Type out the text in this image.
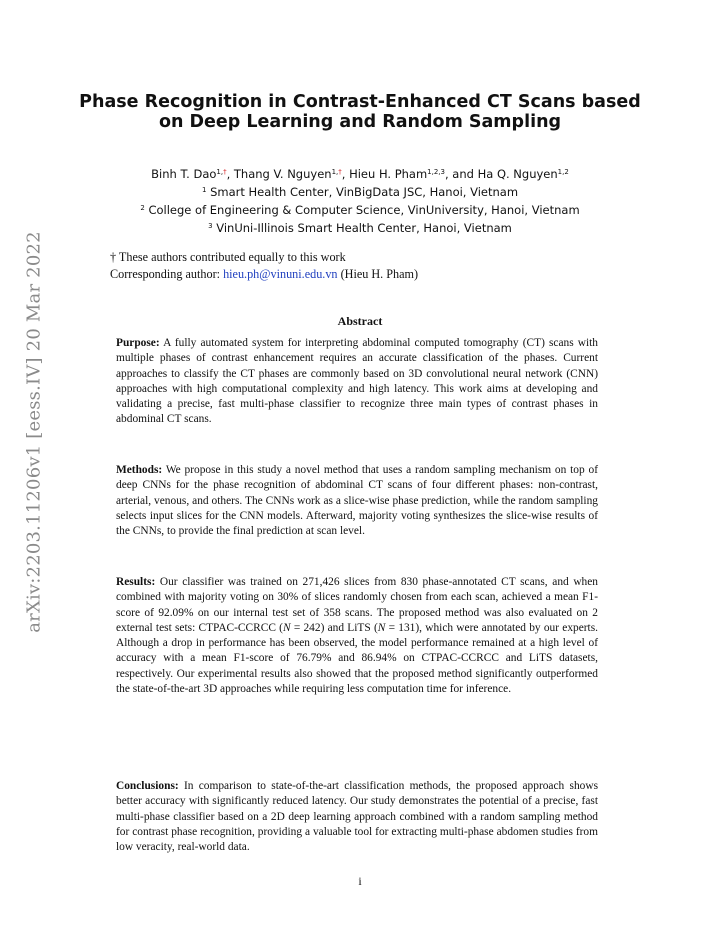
arXiv:2203.11206v1 [eess.IV] 20 Mar 2022
Phase Recognition in Contrast-Enhanced CT Scans based
on Deep Learning and Random Sampling
Binh T. Dao$^{1,\dagger}$, Thang V. Nguyen$^{1,\dagger}$, Hieu H. Pham$^{1,2,3}$, and Ha Q. Nguyen$^{1,2}$
$^1$ Smart Health Center, VinBigData JSC, Hanoi, Vietnam
$^2$ College of Engineering & Computer Science, VinUniversity, Hanoi, Vietnam
$^3$ VinUni-Illinois Smart Health Center, Hanoi, Vietnam
† These authors contributed equally to this work
Corresponding author: hieu.ph@vinuni.edu.vn (Hieu H. Pham)
Abstract

Purpose: A fully automated system for interpreting abdominal computed tomography (CT) scans with multiple phases of contrast enhancement requires an accurate classification of the phases. Current approaches to classify the CT phases are commonly based on 3D convolutional neural network (CNN) approaches with high computational complexity and high latency. This work aims at developing and validating a precise, fast multi-phase classifier to recognize three main types of contrast phases in abdominal CT scans.

Methods: We propose in this study a novel method that uses a random sampling mechanism on top of deep CNNs for the phase recognition of abdominal CT scans of four different phases: non-contrast, arterial, venous, and others. The CNNs work as a slice-wise phase prediction, while the random sampling selects input slices for the CNN models. Afterward, majority voting synthesizes the slice-wise results of the CNNs, to provide the final prediction at scan level.

Results: Our classifier was trained on 271,426 slices from 830 phase-annotated CT scans, and when combined with majority voting on 30% of slices randomly chosen from each scan, achieved a mean F1-score of 92.09% on our internal test set of 358 scans. The proposed method was also evaluated on 2 external test sets: CTPAC-CCRCC (N = 242) and LiTS (N = 131), which were annotated by our experts. Although a drop in performance has been observed, the model performance remained at a high level of accuracy with a mean F1-score of 76.79% and 86.94% on CTPAC-CCRCC and LiTS datasets, respectively. Our experimental results also showed that the proposed method significantly outperformed the state-of-the-art 3D approaches while requiring less computation time for inference.

Conclusions: In comparison to state-of-the-art classification methods, the proposed approach shows better accuracy with significantly reduced latency. Our study demonstrates the potential of a precise, fast multi-phase classifier based on a 2D deep learning approach combined with a random sampling method for contrast phase recognition, providing a valuable tool for extracting multi-phase abdomen studies from low veracity, real-world data.

i
